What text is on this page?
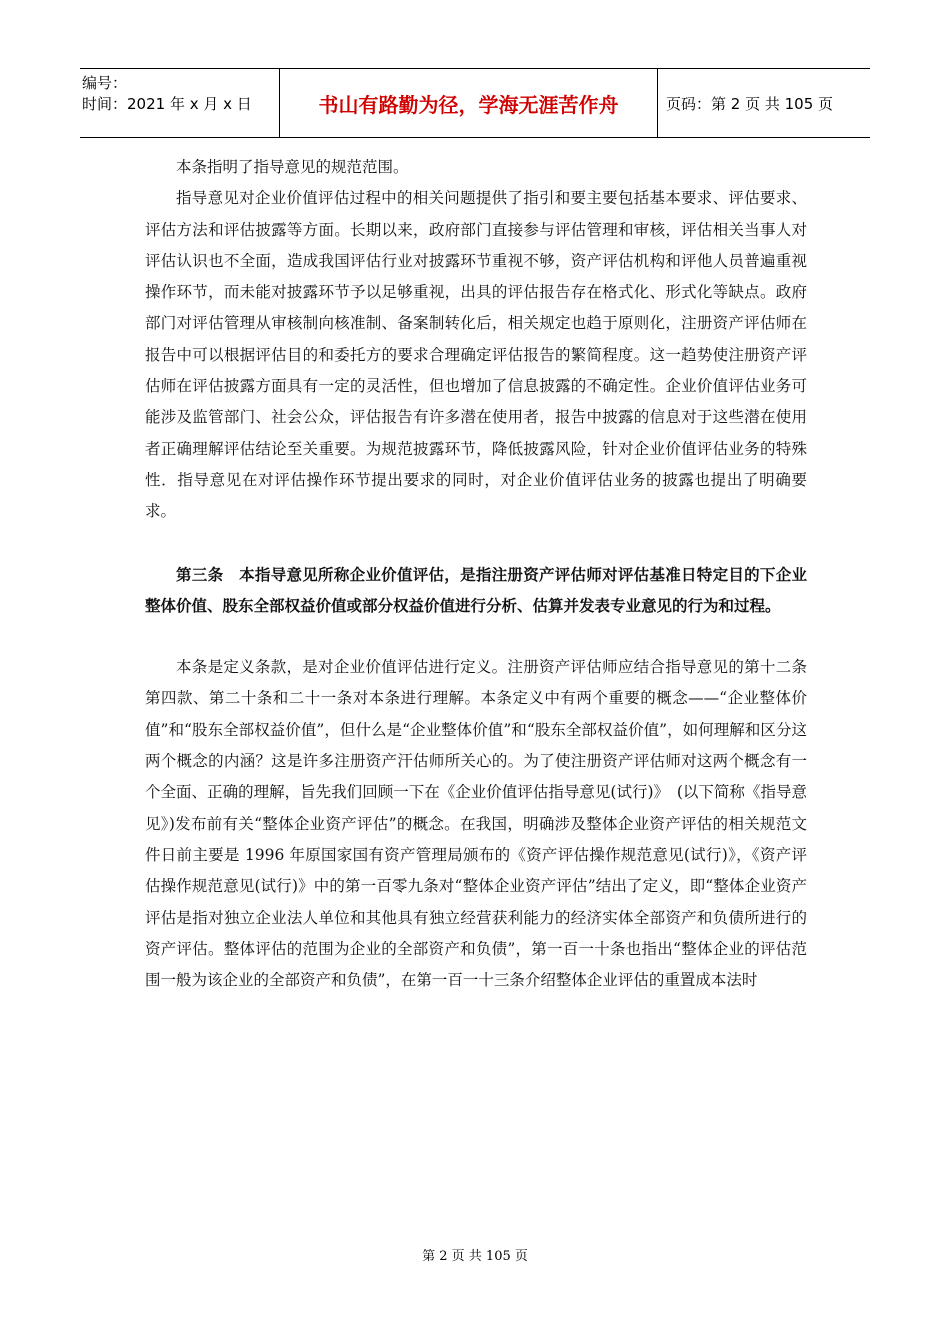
编号：
时间：2021 年 x 月 x 日	书山有路勤为径，学海无涯苦作舟	页码：第 2 页 共 105 页

本条指明了指导意见的规范范围。

指导意见对企业价值评估过程中的相关问题提供了指引和要主要包括基本要求、评估要求、评估方法和评估披露等方面。长期以来，政府部门直接参与评估管理和审核，评估相关当事人对评估认识也不全面，造成我国评估行业对披露环节重视不够，资产评估机构和评他人员普遍重视操作环节，而未能对披露环节予以足够重视，出具的评估报告存在格式化、形式化等缺点。政府部门对评估管理从审核制向核准制、备案制转化后，相关规定也趋于原则化，注册资产评估师在报告中可以根据评估目的和委托方的要求合理确定评估报告的繁简程度。这一趋势使注册资产评估师在评估披露方面具有一定的灵活性，但也增加了信息披露的不确定性。企业价值评估业务可能涉及监管部门、社会公众，评估报告有许多潜在使用者，报告中披露的信息对于这些潜在使用者正确理解评估结论至关重要。为规范披露环节，降低披露风险，针对企业价值评估业务的特殊性．指导意见在对评估操作环节提出要求的同时，对企业价值评估业务的披露也提出了明确要求。

第三条　本指导意见所称企业价值评估，是指注册资产评估师对评估基准日特定目的下企业整体价值、股东全部权益价值或部分权益价值进行分析、估算并发表专业意见的行为和过程。

本条是定义条款，是对企业价值评估进行定义。注册资产评估师应结合指导意见的第十二条第四款、第二十条和二十一条对本条进行理解。本条定义中有两个重要的概念——“企业整体价值”和“股东全部权益价值”，但什么是“企业整体价值”和“股东全部权益价值”，如何理解和区分这两个概念的内涵？这是许多注册资产汗估师所关心的。为了使注册资产评估师对这两个概念有一个全面、正确的理解，旨先我们回顾一下在《企业价值评估指导意见(试行)》　(以下简称《指导意见》)发布前有关“整体企业资产评估”的概念。在我国，明确涉及整体企业资产评估的相关规范文件日前主要是 1996 年原国家国有资产管理局颁布的《资产评估操作规范意见(试行)》，《资产评估操作规范意见(试行)》中的第一百零九条对“整体企业资产评估”结出了定义，即“整体企业资产评估是指对独立企业法人单位和其他具有独立经营获利能力的经济实体全部资产和负债所进行的资产评估。整体评估的范围为企业的全部资产和负债”，第一百一十条也指出“整体企业的评估范围一般为该企业的全部资产和负债”，在第一百一十三条介绍整体企业评估的重置成本法时

第 2 页 共 105 页
